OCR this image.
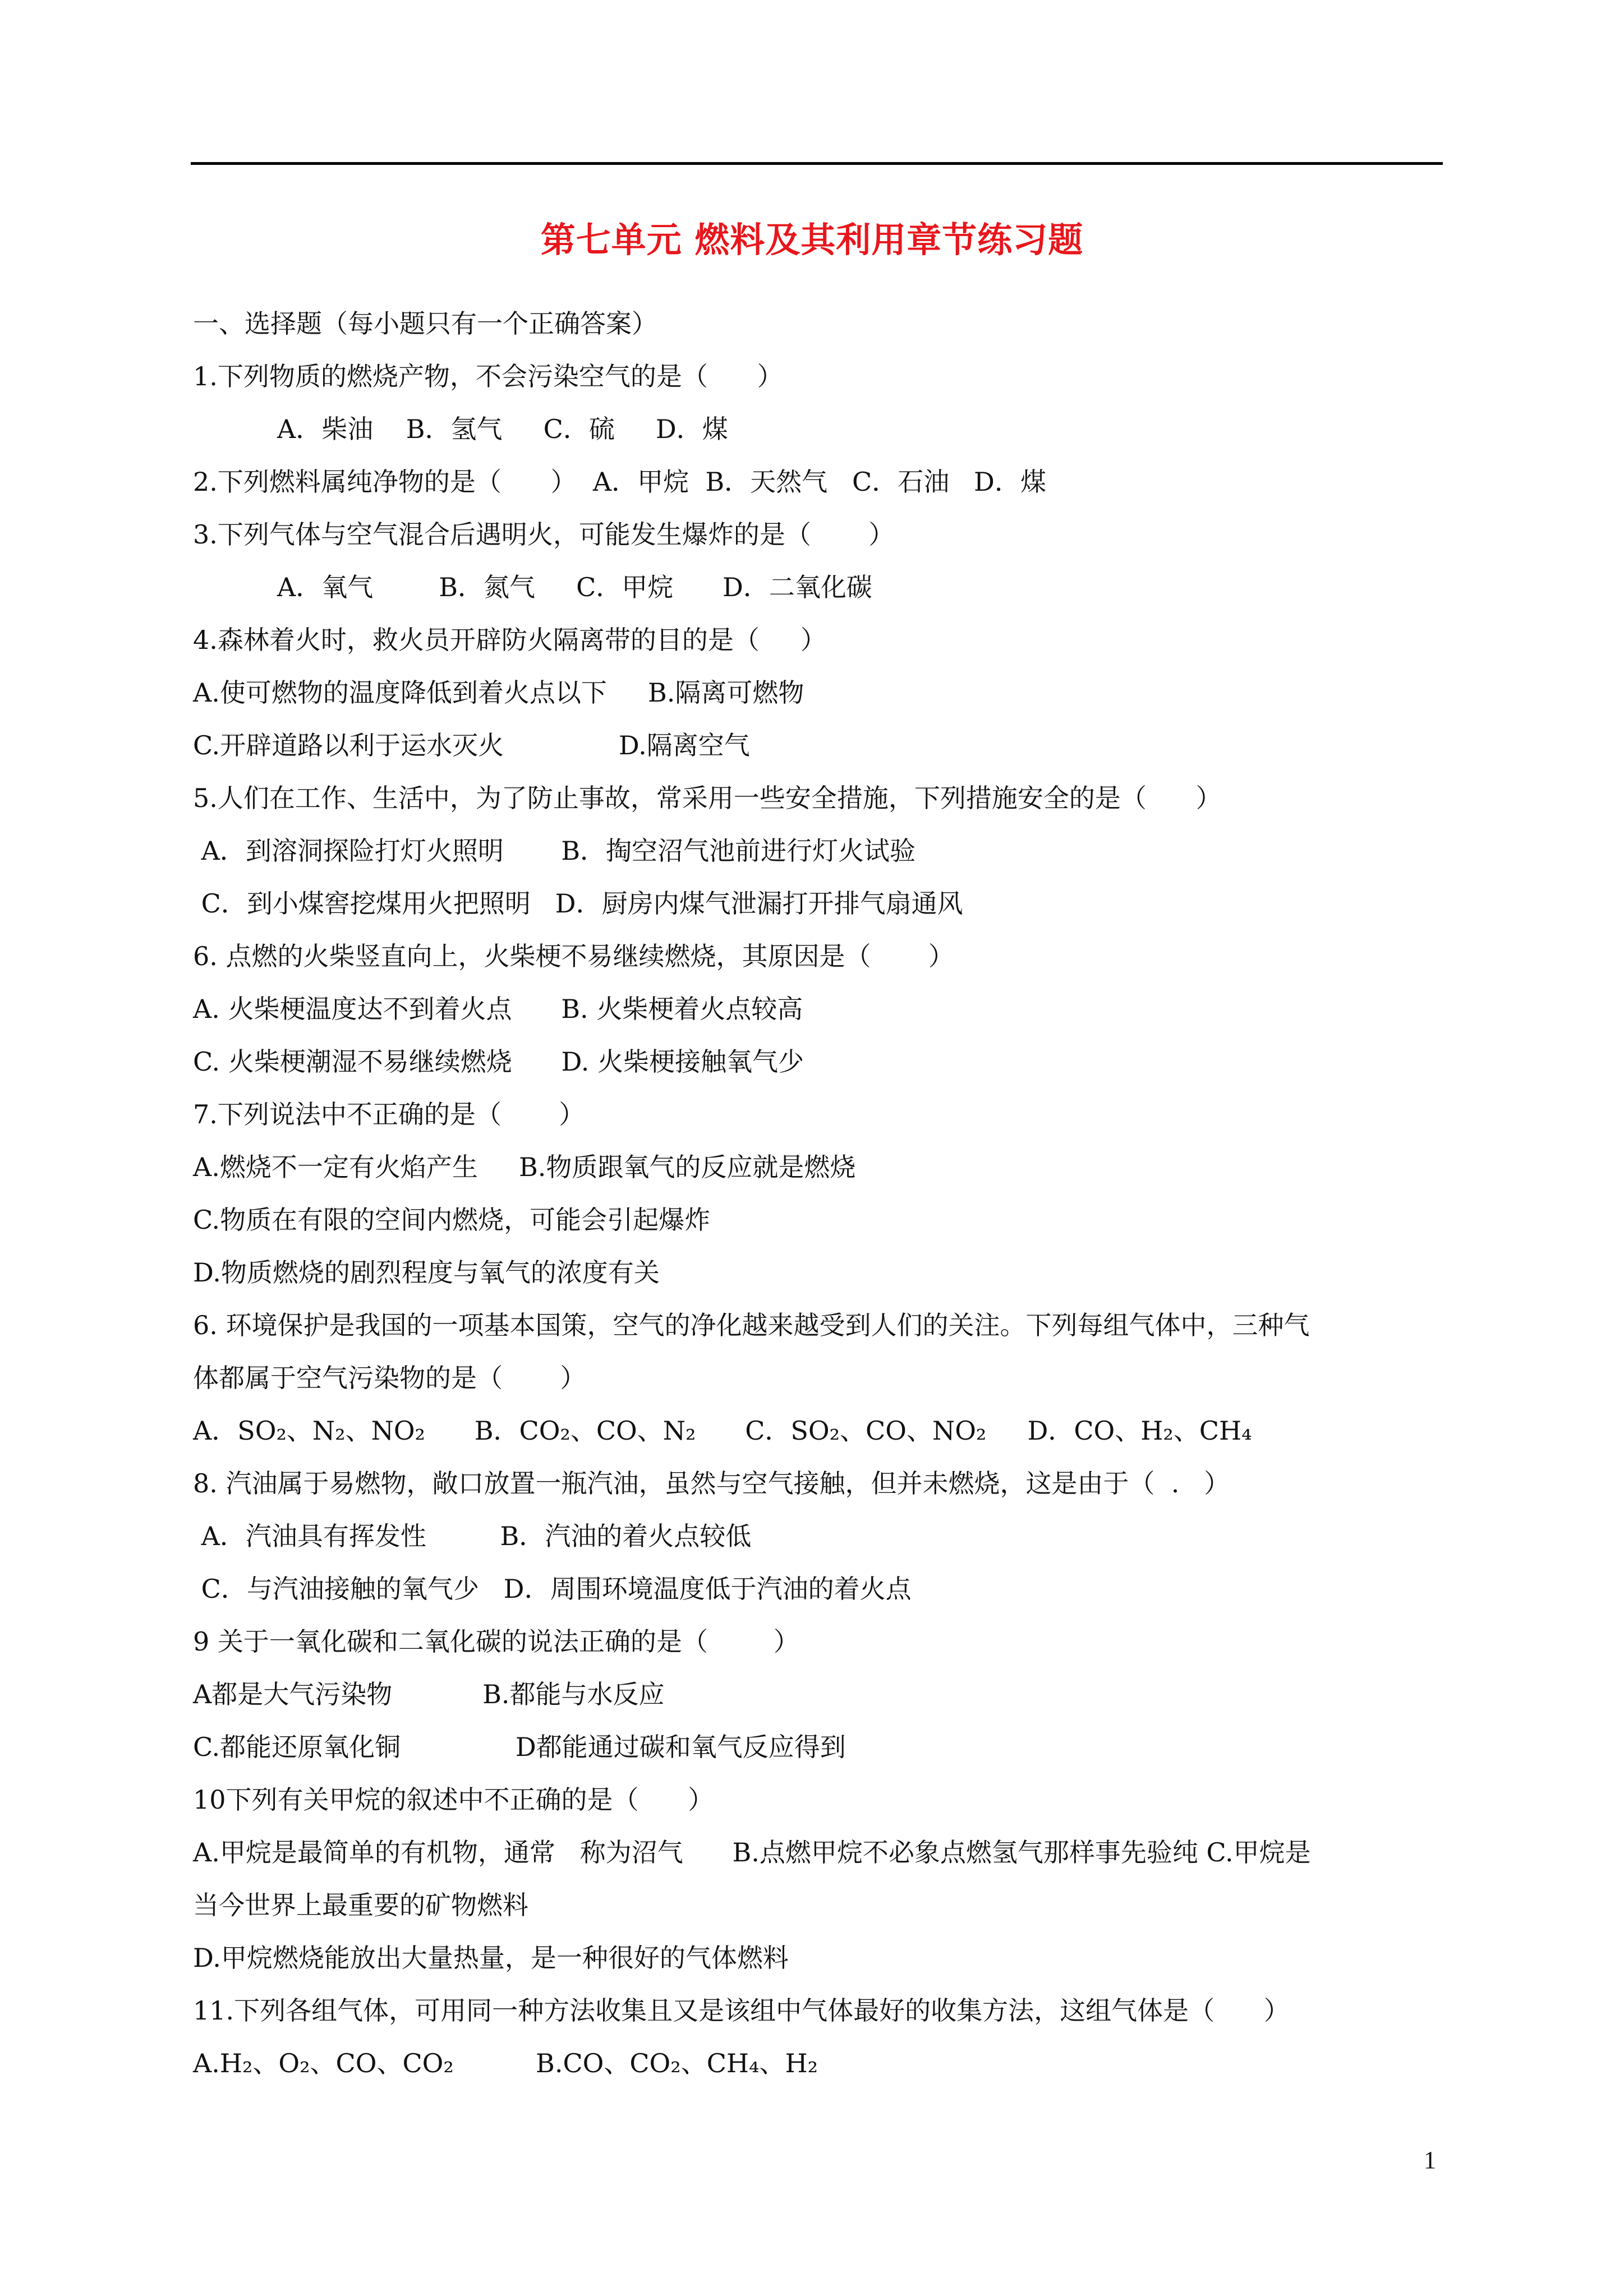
第七单元 燃料及其利用章节练习题
一、选择题（每小题只有一个正确答案）
1.下列物质的燃烧产物，不会污染空气的是（      ）
A．柴油    B．氢气     C．硫     D．煤
2.下列燃料属纯净物的是（      ）  A．甲烷  B．天然气   C．石油   D．煤
3.下列气体与空气混合后遇明火，可能发生爆炸的是（       ）
A．氧气        B．氮气     C．甲烷      D．二氧化碳
4.森林着火时，救火员开辟防火隔离带的目的是（     ）
A.使可燃物的温度降低到着火点以下     B.隔离可燃物
C.开辟道路以利于运水灭火              D.隔离空气
5.人们在工作、生活中，为了防止事故，常采用一些安全措施，下列措施安全的是（      ）
A．到溶洞探险打灯火照明       B．掏空沼气池前进行灯火试验
C．到小煤窖挖煤用火把照明   D．厨房内煤气泄漏打开排气扇通风
6. 点燃的火柴竖直向上，火柴梗不易继续燃烧，其原因是（       ）
A. 火柴梗温度达不到着火点      B. 火柴梗着火点较高
C. 火柴梗潮湿不易继续燃烧      D. 火柴梗接触氧气少
7.下列说法中不正确的是（       ）
A.燃烧不一定有火焰产生     B.物质跟氧气的反应就是燃烧
C.物质在有限的空间内燃烧，可能会引起爆炸
D.物质燃烧的剧烈程度与氧气的浓度有关
6. 环境保护是我国的一项基本国策，空气的净化越来越受到人们的关注。下列每组气体中，三种气
体都属于空气污染物的是（       ）
A．SO₂、N₂、NO₂      B．CO₂、CO、N₂      C．SO₂、CO、NO₂     D．CO、H₂、CH₄
8. 汽油属于易燃物，敞口放置一瓶汽油，虽然与空气接触，但并未燃烧，这是由于（  .   ）
A．汽油具有挥发性         B．汽油的着火点较低
C．与汽油接触的氧气少   D．周围环境温度低于汽油的着火点
9 关于一氧化碳和二氧化碳的说法正确的是（        ）
A都是大气污染物           B.都能与水反应
C.都能还原氧化铜              D都能通过碳和氧气反应得到
10下列有关甲烷的叙述中不正确的是（      ）
A.甲烷是最简单的有机物，通常   称为沼气      B.点燃甲烷不必象点燃氢气那样事先验纯 C.甲烷是
当今世界上最重要的矿物燃料
D.甲烷燃烧能放出大量热量，是一种很好的气体燃料
11.下列各组气体，可用同一种方法收集且又是该组中气体最好的收集方法，这组气体是（      ）
A.H₂、O₂、CO、CO₂          B.CO、CO₂、CH₄、H₂
1
